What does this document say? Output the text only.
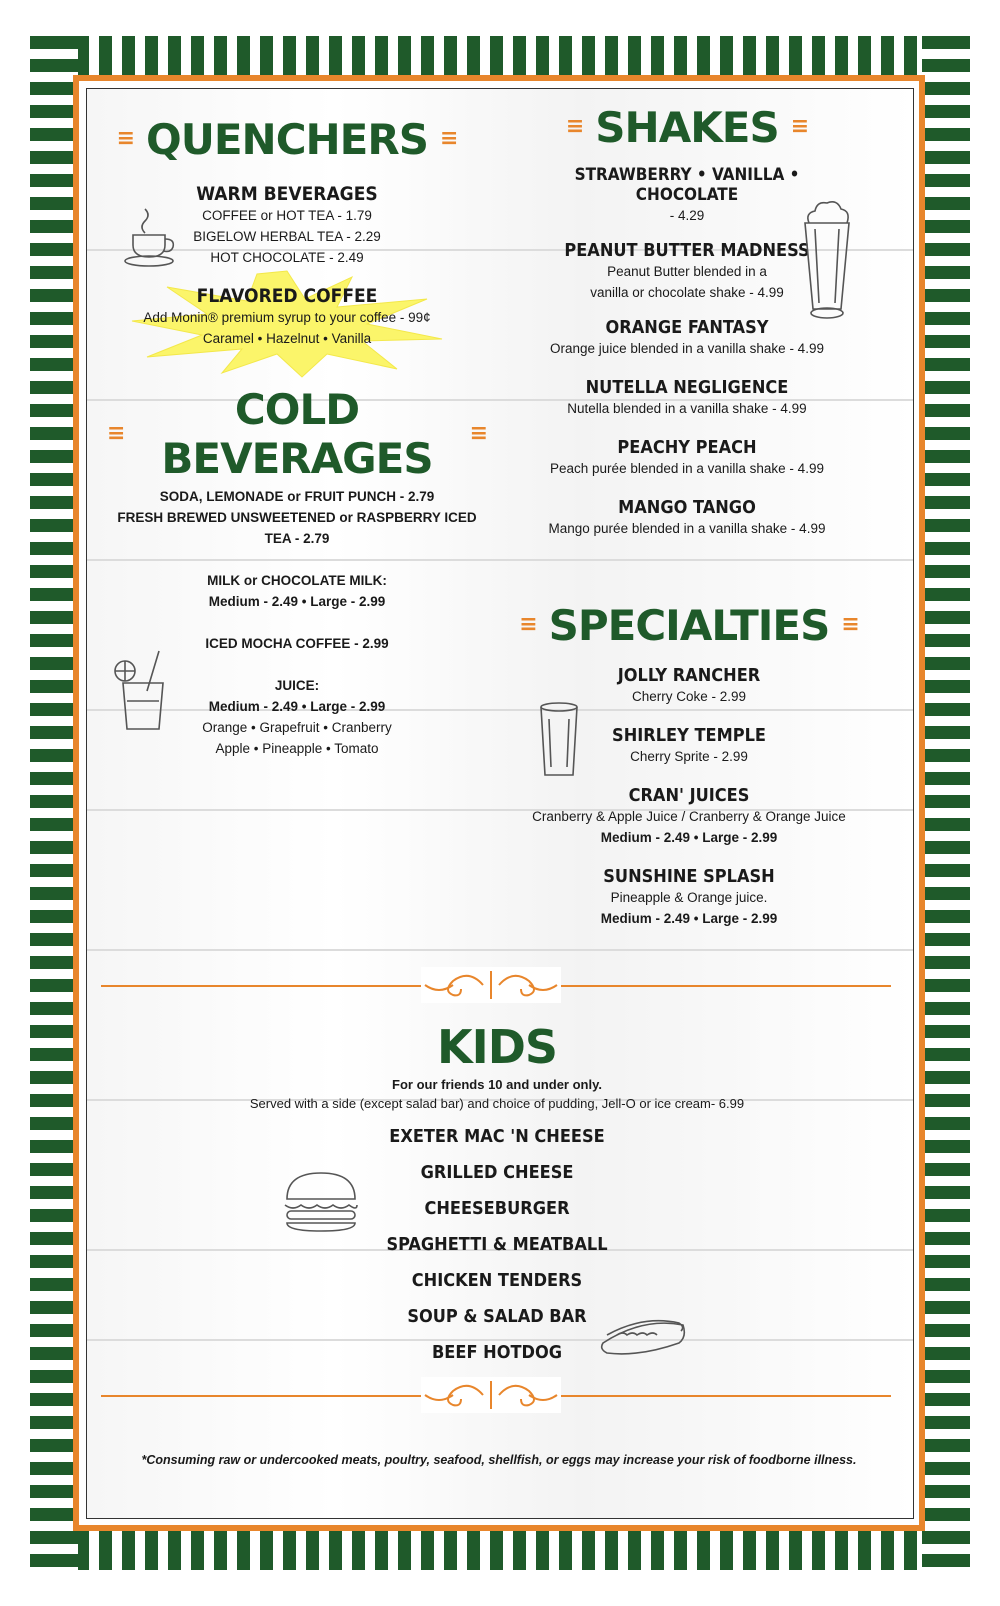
≡ QUENCHERS ≡
WARM BEVERAGES
COFFEE or HOT TEA - 1.79
BIGELOW HERBAL TEA - 2.29
HOT CHOCOLATE - 2.49
FLAVORED COFFEE
Add Monin® premium syrup to your coffee - 99¢
Caramel • Hazelnut • Vanilla
≡	COLD BEVERAGES
≡
SODA, LEMONADE or FRUIT PUNCH - 2.79
FRESH BREWED UNSWEETENED or RASPBERRY ICED
TEA - 2.79
MILK or CHOCOLATE MILK:
Medium - 2.49 • Large - 2.99
ICED MOCHA COFFEE - 2.99
JUICE:
Medium - 2.49 • Large - 2.99
Orange • Grapefruit • Cranberry
Apple • Pineapple • Tomato
≡ SHAKES ≡
STRAWBERRY • VANILLA • CHOCOLATE
- 4.29
PEANUT BUTTER MADNESS
Peanut Butter blended in a
vanilla or chocolate shake - 4.99
ORANGE FANTASY
Orange juice blended in a vanilla shake - 4.99
NUTELLA NEGLIGENCE
Nutella blended in a vanilla shake - 4.99
PEACHY PEACH
Peach purée blended in a vanilla shake - 4.99
MANGO TANGO
Mango purée blended in a vanilla shake - 4.99
≡ SPECIALTIES ≡
JOLLY RANCHER
Cherry Coke - 2.99
SHIRLEY TEMPLE
Cherry Sprite - 2.99
CRAN' JUICES
Cranberry & Apple Juice / Cranberry & Orange Juice
Medium - 2.49 • Large - 2.99
SUNSHINE SPLASH
Pineapple & Orange juice.
Medium - 2.49 • Large - 2.99
KIDS
For our friends 10 and under only.
Served with a side (except salad bar) and choice of pudding, Jell-O or ice cream- 6.99
EXETER MAC 'N CHEESE
GRILLED CHEESE
CHEESEBURGER
SPAGHETTI & MEATBALL
CHICKEN TENDERS
SOUP & SALAD BAR
BEEF HOTDOG
*Consuming raw or undercooked meats, poultry, seafood, shellfish, or eggs may increase your risk of foodborne illness.
